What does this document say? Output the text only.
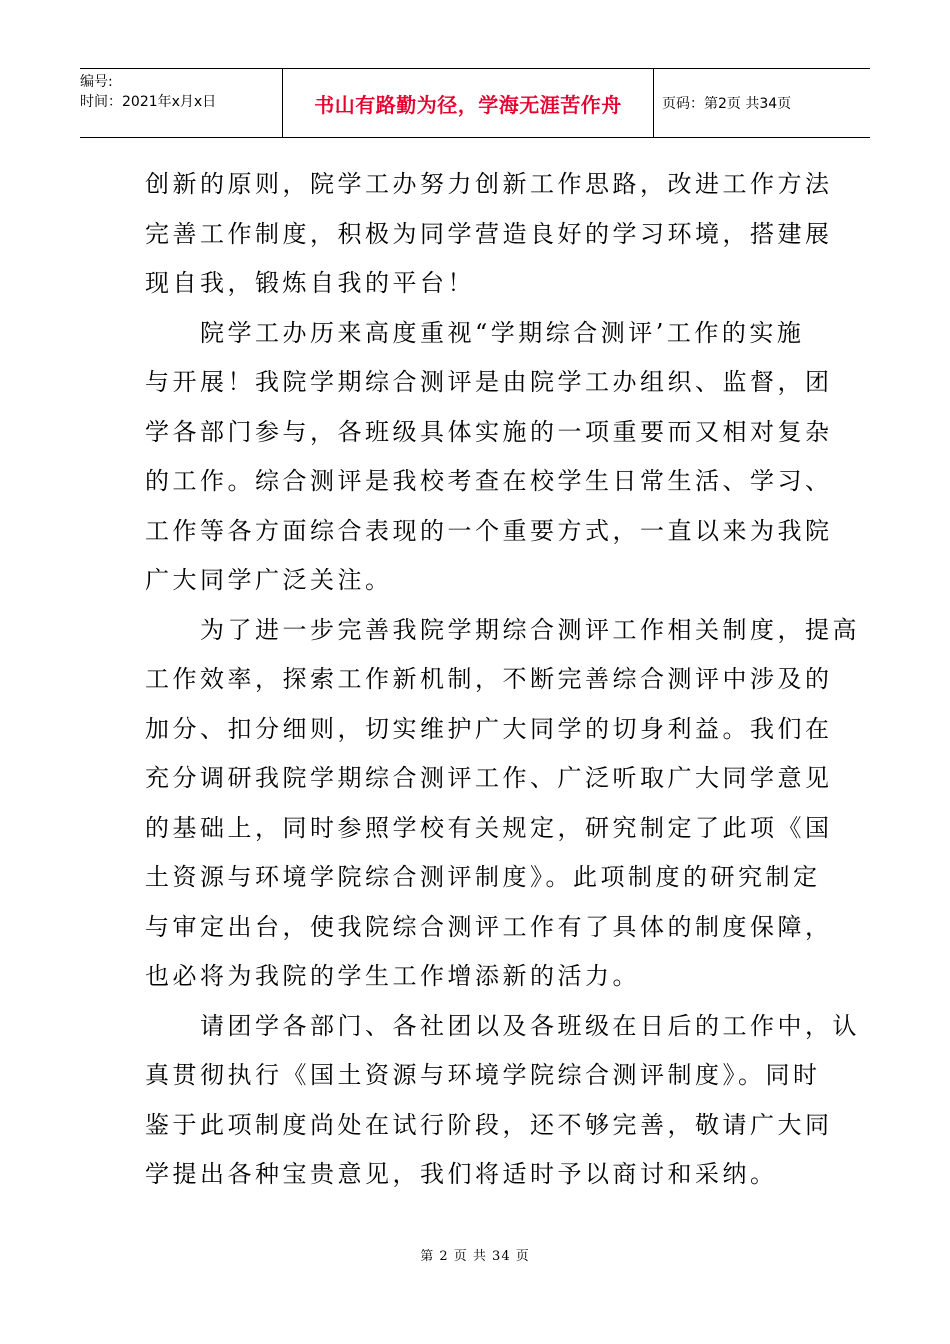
编号:
时间：2021年x月x日	书山有路勤为径，学海无涯苦作舟	页码：第2页 共34页
创新的原则，院学工办努力创新工作思路，改进工作方法
完善工作制度，积极为同学营造良好的学习环境，搭建展
现自我，锻炼自我的平台！
　　院学工办历来高度重视“学期综合测评’工作的实施
与开展！我院学期综合测评是由院学工办组织、监督，团
学各部门参与，各班级具体实施的一项重要而又相对复杂
的工作。综合测评是我校考查在校学生日常生活、学习、
工作等各方面综合表现的一个重要方式，一直以来为我院
广大同学广泛关注。
　　为了进一步完善我院学期综合测评工作相关制度，提高
工作效率，探索工作新机制，不断完善综合测评中涉及的
加分、扣分细则，切实维护广大同学的切身利益。我们在
充分调研我院学期综合测评工作、广泛听取广大同学意见
的基础上，同时参照学校有关规定，研究制定了此项《国
土资源与环境学院综合测评制度》。此项制度的研究制定
与审定出台，使我院综合测评工作有了具体的制度保障，
也必将为我院的学生工作增添新的活力。
　　请团学各部门、各社团以及各班级在日后的工作中，认
真贯彻执行《国土资源与环境学院综合测评制度》。同时
鉴于此项制度尚处在试行阶段，还不够完善，敬请广大同
学提出各种宝贵意见，我们将适时予以商讨和采纳。
第 2 页 共 34 页
